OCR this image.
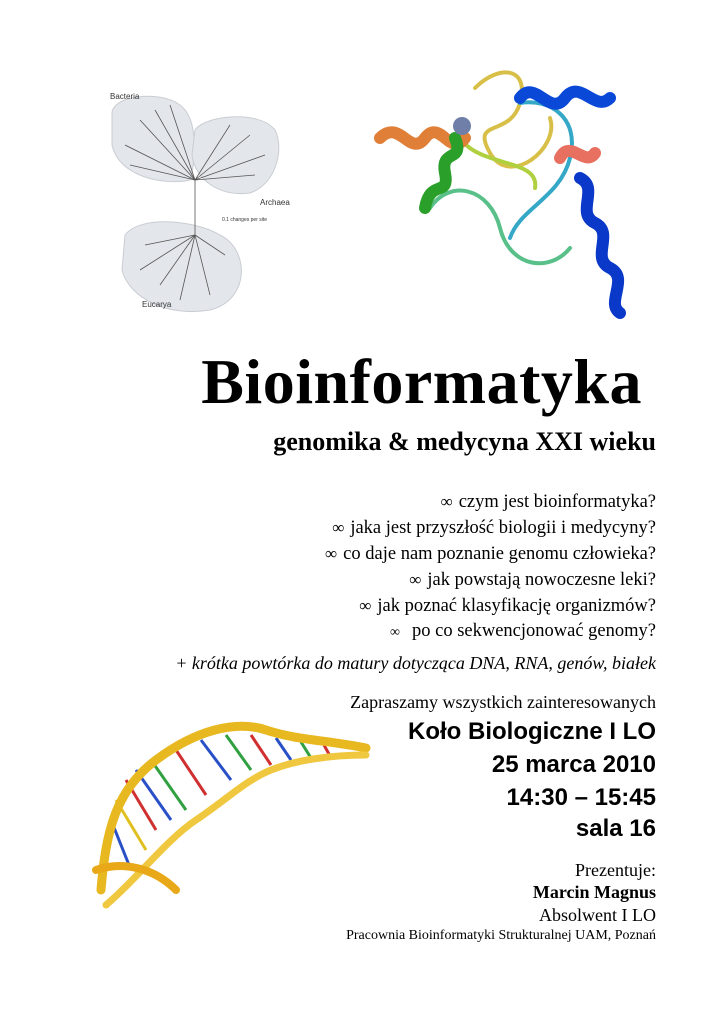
Bacteria
Archaea
0.1 changes per site
Eucarya
Bioinformatyka
genomika & medycyna XXI wieku
∞ czym jest bioinformatyka?
∞ jaka jest przyszłość biologii i medycyny?
∞ co daje nam poznanie genomu człowieka?
∞ jak powstają nowoczesne leki?
∞ jak poznać klasyfikację organizmów?
∞ po co sekwencjonować genomy?
+ krótka powtórka do matury dotycząca DNA, RNA, genów, białek
Zapraszamy wszystkich zainteresowanych
Koło Biologiczne I LO
25 marca 2010
14:30 – 15:45
sala 16
Prezentuje:
Marcin Magnus
Absolwent I LO
Pracownia Bioinformatyki Strukturalnej UAM, Poznań
